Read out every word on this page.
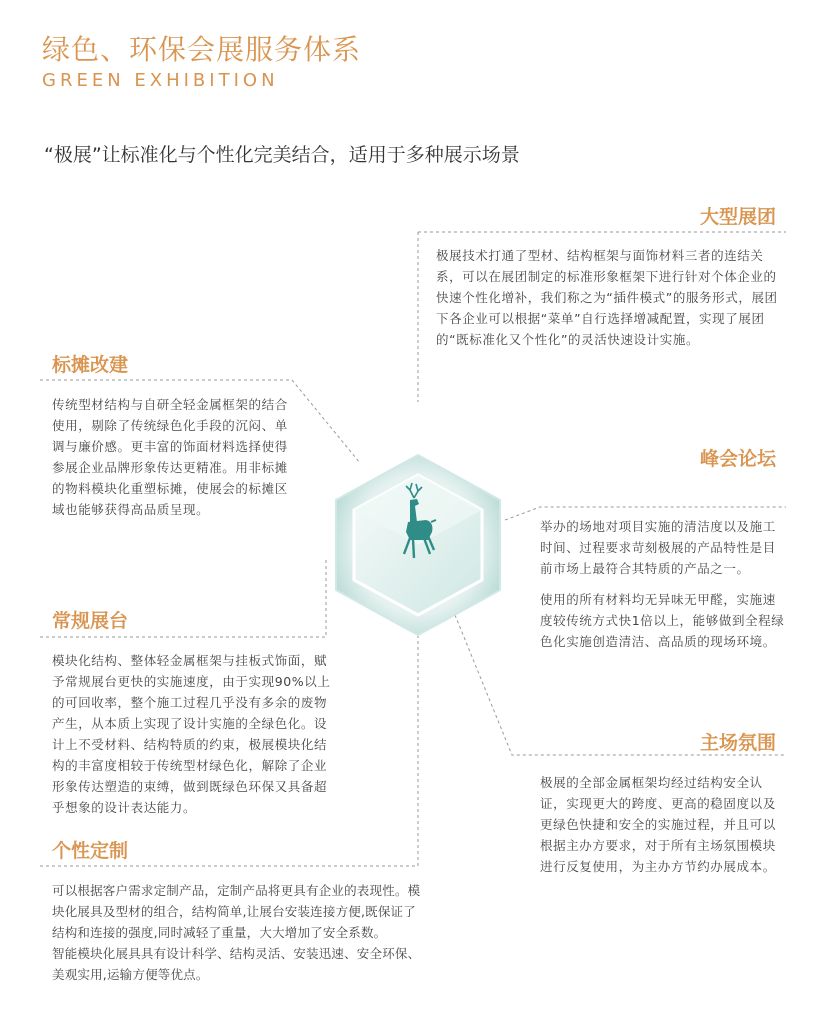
绿色、环保会展服务体系
GREEN EXHIBITION
“极展”让标准化与个性化完美结合，适用于多种展示场景
大型展团

极展技术打通了型材、结构框架与面饰材料三者的连结关系，可以在展团制定的标准形象框架下进行针对个体企业的快速个性化增补，我们称之为“插件模式”的服务形式，展团下各企业可以根据“菜单”自行选择增减配置，实现了展团的“既标准化又个性化”的灵活快速设计实施。

标摊改建

传统型材结构与自研全轻金属框架的结合使用，剔除了传统绿色化手段的沉闷、单调与廉价感。更丰富的饰面材料选择使得参展企业品牌形象传达更精准。用非标摊的物料模块化重塑标摊，使展会的标摊区域也能够获得高品质呈现。

峰会论坛

举办的场地对项目实施的清洁度以及施工时间、过程要求苛刻极展的产品特性是目前市场上最符合其特质的产品之一。

使用的所有材料均无异味无甲醛，实施速度较传统方式快1倍以上，能够做到全程绿色化实施创造清洁、高品质的现场环境。

常规展台

模块化结构、整体轻金属框架与挂板式饰面，赋予常规展台更快的实施速度，由于实现90%以上的可回收率，整个施工过程几乎没有多余的废物产生，从本质上实现了设计实施的全绿色化。设计上不受材料、结构特质的约束，极展模块化结构的丰富度相较于传统型材绿色化，解除了企业形象传达塑造的束缚，做到既绿色环保又具备超乎想象的设计表达能力。

主场氛围

极展的全部金属框架均经过结构安全认证，实现更大的跨度、更高的稳固度以及更绿色快捷和安全的实施过程，并且可以根据主办方要求，对于所有主场氛围模块进行反复使用，为主办方节约办展成本。

个性定制

可以根据客户需求定制产品，定制产品将更具有企业的表现性。模块化展具及型材的组合，结构简单,让展台安装连接方便,既保证了结构和连接的强度,同时减轻了重量，大大增加了安全系数。

智能模块化展具具有设计科学、结构灵活、安装迅速、安全环保、美观实用,运输方便等优点。
